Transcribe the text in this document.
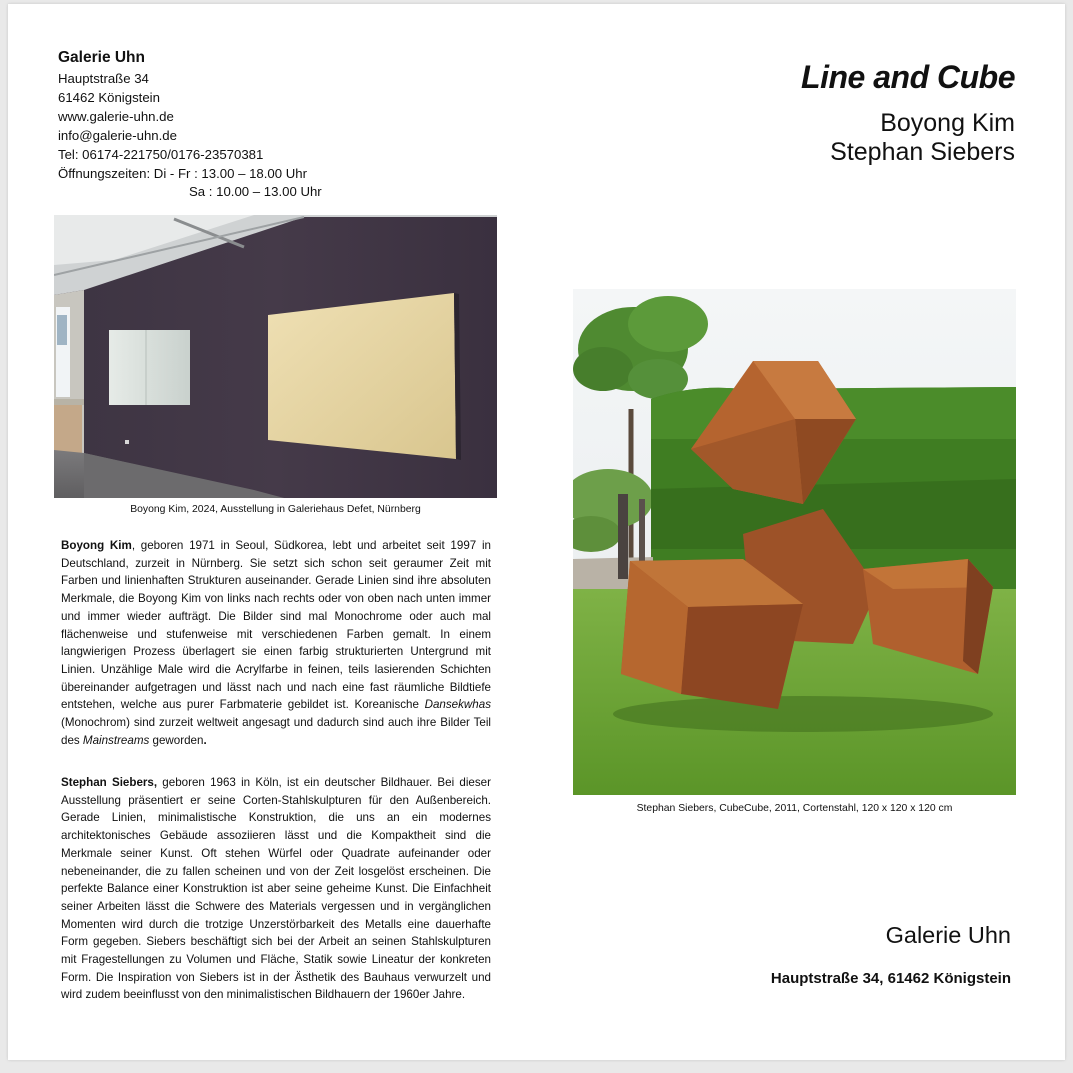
Galerie Uhn
Hauptstraße 34
61462 Königstein
www.galerie-uhn.de
info@galerie-uhn.de
Tel: 06174-221750/0176-23570381
Öffnungszeiten: Di - Fr : 13.00 – 18.00 Uhr
Sa : 10.00 – 13.00 Uhr
Line and Cube
Boyong Kim
Stephan Siebers
Boyong Kim, 2024, Ausstellung in Galeriehaus Defet, Nürnberg

Boyong Kim, geboren 1971 in Seoul, Südkorea, lebt und arbeitet seit 1997 in Deutschland, zurzeit in Nürnberg. Sie setzt sich schon seit geraumer Zeit mit Farben und linienhaften Strukturen auseinander. Gerade Linien sind ihre absoluten Merkmale, die Boyong Kim von links nach rechts oder von oben nach unten immer und immer wieder aufträgt. Die Bilder sind mal Monochrome oder auch mal flächenweise und stufenweise mit verschiedenen Farben gemalt. In einem langwierigen Prozess überlagert sie einen farbig strukturierten Untergrund mit Linien. Unzählige Male wird die Acrylfarbe in feinen, teils lasierenden Schichten übereinander aufgetragen und lässt nach und nach eine fast räumliche Bildtiefe entstehen, welche aus purer Farbmaterie gebildet ist. Koreanische Dansekwhas (Monochrom) sind zurzeit weltweit angesagt und dadurch sind auch ihre Bilder Teil des Mainstreams geworden.

Stephan Siebers, geboren 1963 in Köln, ist ein deutscher Bildhauer. Bei dieser Ausstellung präsentiert er seine Corten-Stahlskulpturen für den Außenbereich. Gerade Linien, minimalistische Konstruktion, die uns an ein modernes architektonisches Gebäude assoziieren lässt und die Kompaktheit sind die Merkmale seiner Kunst. Oft stehen Würfel oder Quadrate aufeinander oder nebeneinander, die zu fallen scheinen und von der Zeit losgelöst erscheinen. Die perfekte Balance einer Konstruktion ist aber seine geheime Kunst. Die Einfachheit seiner Arbeiten lässt die Schwere des Materials vergessen und in vergänglichen Momenten wird durch die trotzige Unzerstörbarkeit des Metalls eine dauerhafte Form gegeben. Siebers beschäftigt sich bei der Arbeit an seinen Stahlskulpturen mit Fragestellungen zu Volumen und Fläche, Statik sowie Lineatur der konkreten Form. Die Inspiration von Siebers ist in der Ästhetik des Bauhaus verwurzelt und wird zudem beeinflusst von den minimalistischen Bildhauern der 1960er Jahre.

Stephan Siebers, CubeCube, 2011, Cortenstahl, 120 x 120 x 120 cm
Galerie Uhn
Hauptstraße 34, 61462 Königstein
